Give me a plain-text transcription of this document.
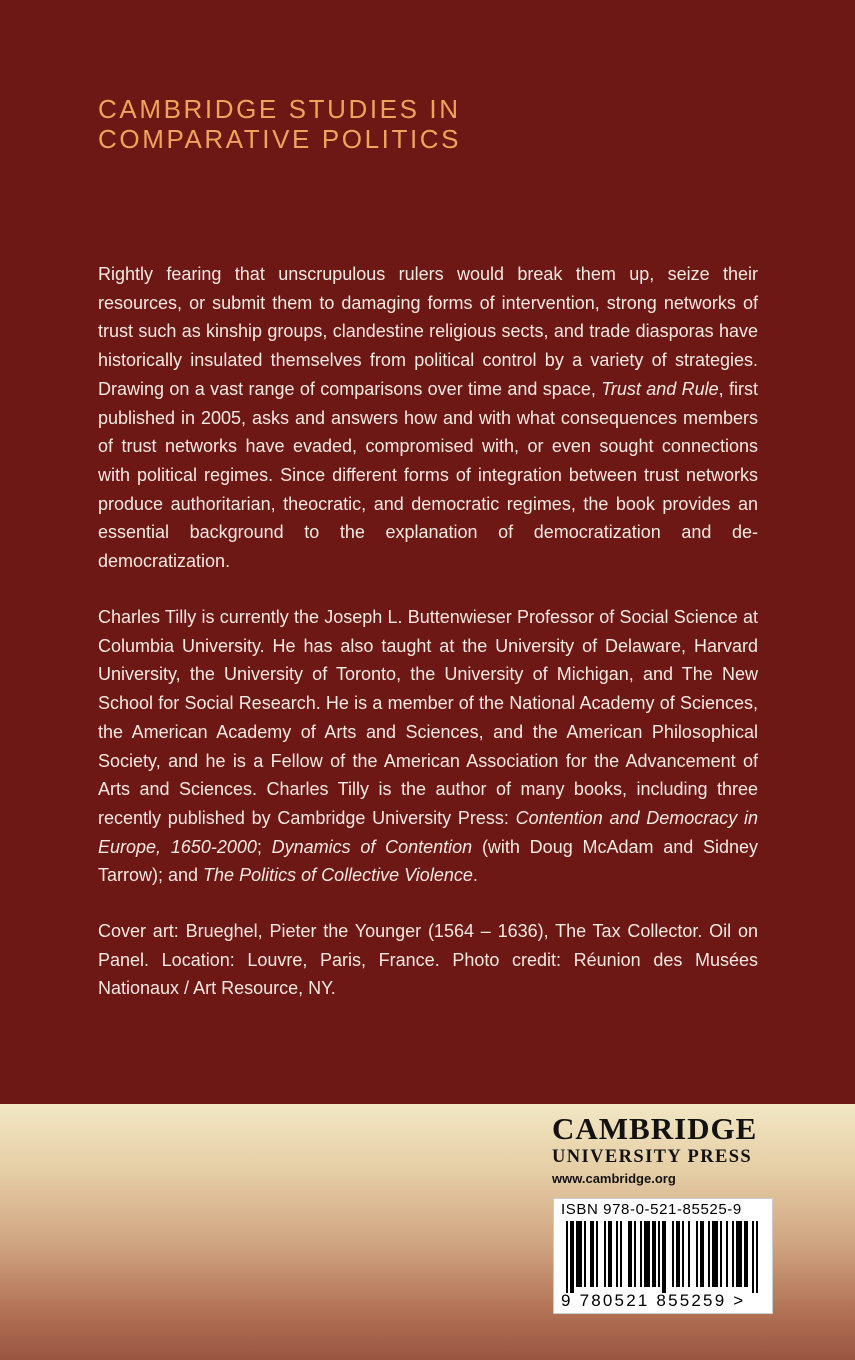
CAMBRIDGE STUDIES IN
COMPARATIVE POLITICS

Rightly fearing that unscrupulous rulers would break them up, seize their resources, or submit them to damaging forms of intervention, strong networks of trust such as kinship groups, clandestine religious sects, and trade diasporas have historically insulated themselves from political control by a variety of strategies. Drawing on a vast range of comparisons over time and space, Trust and Rule, first published in 2005, asks and answers how and with what consequences members of trust networks have evaded, compromised with, or even sought connections with political regimes. Since different forms of integration between trust networks produce authoritarian, theocratic, and democratic regimes, the book provides an essential background to the explanation of democratization and de-democratization.

Charles Tilly is currently the Joseph L. Buttenwieser Professor of Social Science at Columbia University. He has also taught at the University of Delaware, Harvard University, the University of Toronto, the University of Michigan, and The New School for Social Research. He is a member of the National Academy of Sciences, the American Academy of Arts and Sciences, and the American Philosophical Society, and he is a Fellow of the American Association for the Advancement of Arts and Sciences. Charles Tilly is the author of many books, including three recently published by Cambridge University Press: Contention and Democracy in Europe, 1650-2000; Dynamics of Contention (with Doug McAdam and Sidney Tarrow); and The Politics of Collective Violence.

Cover art: Brueghel, Pieter the Younger (1564 – 1636), The Tax Collector. Oil on Panel. Location: Louvre, Paris, France. Photo credit: Réunion des Musées Nationaux / Art Resource, NY.

CAMBRIDGE
UNIVERSITY PRESS
www.cambridge.org
ISBN 978-0-521-85525-9
9 780521 855259 >
